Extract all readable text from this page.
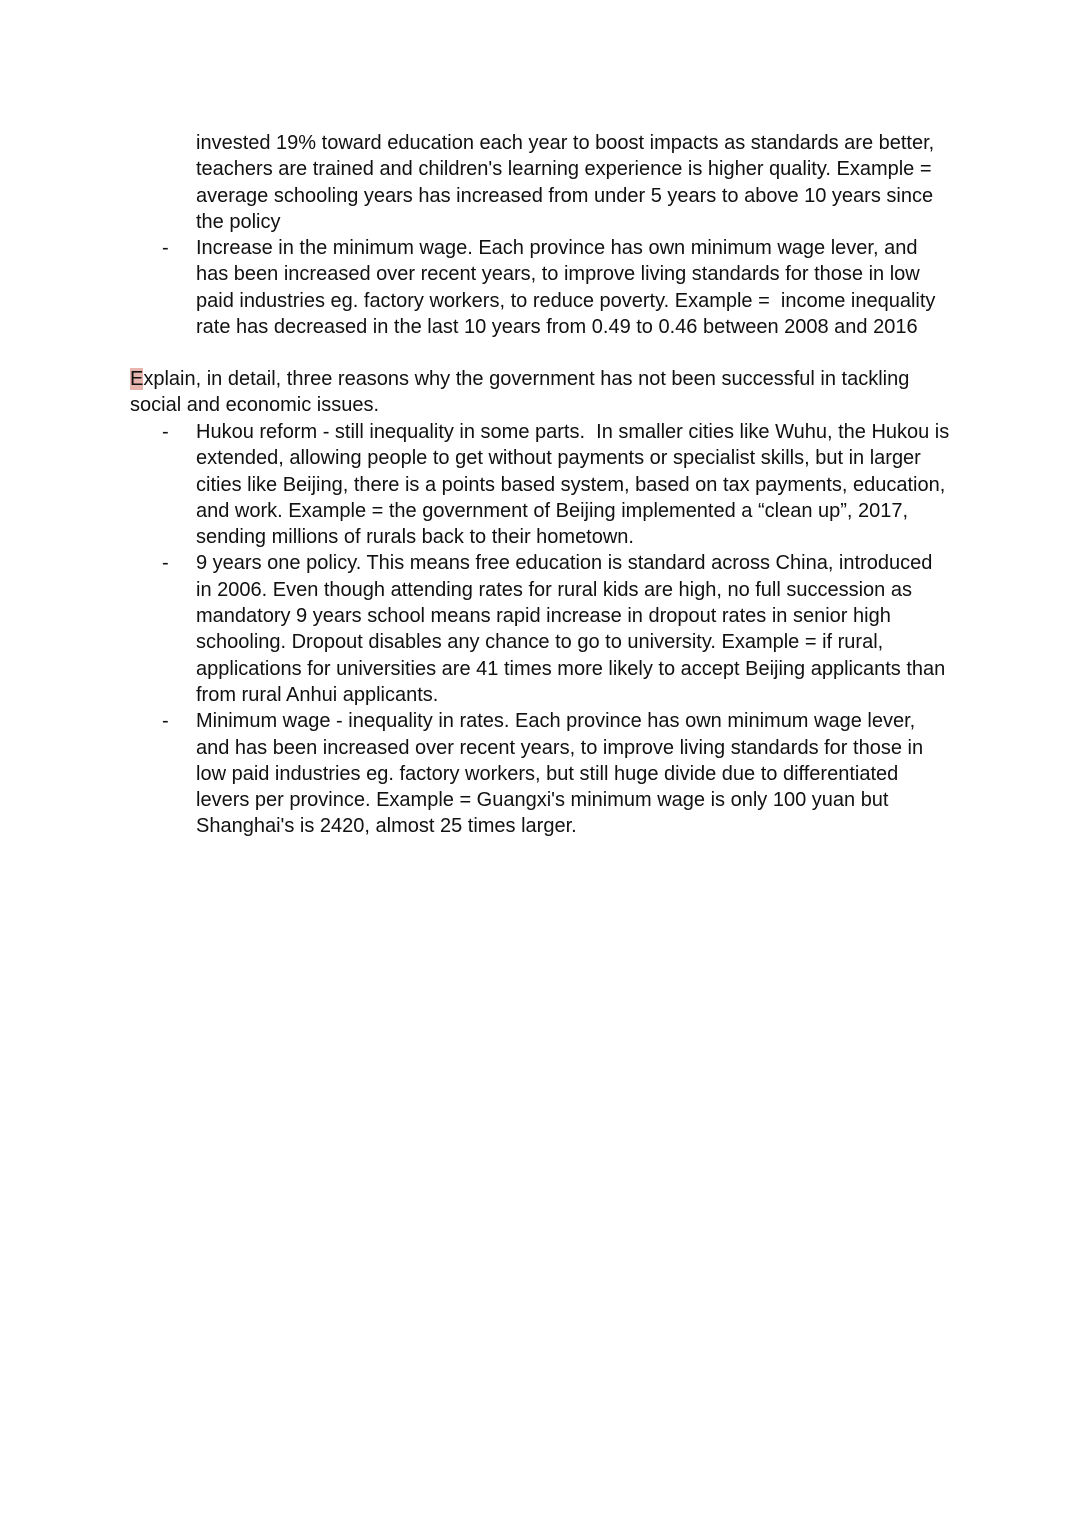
invested 19% toward education each year to boost impacts as standards are better,
teachers are trained and children's learning experience is higher quality. Example =
average schooling years has increased from under 5 years to above 10 years since
the policy
-	Increase in the minimum wage. Each province has own minimum wage lever, and
has been increased over recent years, to improve living standards for those in low
paid industries eg. factory workers, to reduce poverty. Example =  income inequality
rate has decreased in the last 10 years from 0.49 to 0.46 between 2008 and 2016
Explain, in detail, three reasons why the government has not been successful in tackling
social and economic issues.
-	Hukou reform - still inequality in some parts.  In smaller cities like Wuhu, the Hukou is
extended, allowing people to get without payments or specialist skills, but in larger
cities like Beijing, there is a points based system, based on tax payments, education,
and work. Example = the government of Beijing implemented a “clean up”, 2017,
sending millions of rurals back to their hometown.
-	9 years one policy. This means free education is standard across China, introduced
in 2006. Even though attending rates for rural kids are high, no full succession as
mandatory 9 years school means rapid increase in dropout rates in senior high
schooling. Dropout disables any chance to go to university. Example = if rural,
applications for universities are 41 times more likely to accept Beijing applicants than
from rural Anhui applicants.
-	Minimum wage - inequality in rates. Each province has own minimum wage lever,
and has been increased over recent years, to improve living standards for those in
low paid industries eg. factory workers, but still huge divide due to differentiated
levers per province. Example = Guangxi's minimum wage is only 100 yuan but
Shanghai's is 2420, almost 25 times larger.
